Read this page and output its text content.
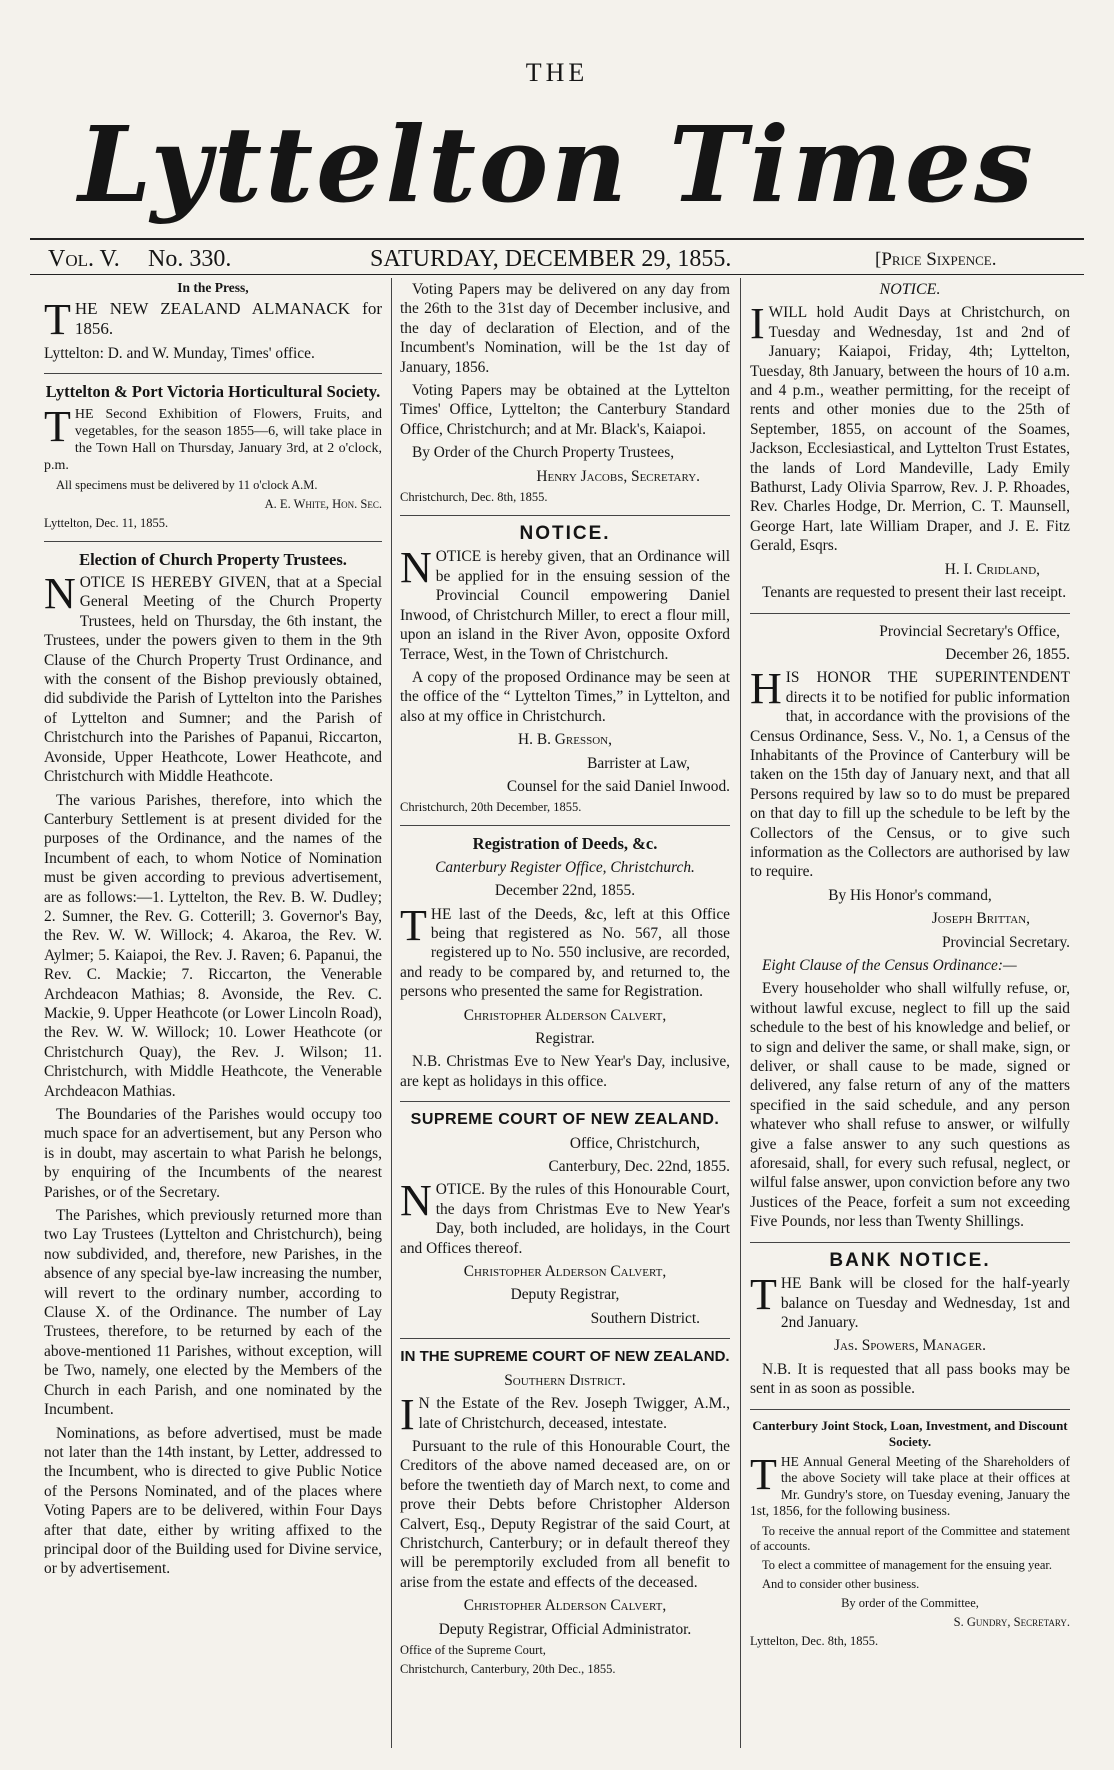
THE
Lyttelton Times
Vol. V. No. 330.	SATURDAY, DECEMBER 29, 1855.	[Price Sixpence.

In the Press,

THE NEW ZEALAND ALMANACK for 1856.

Lyttelton: D. and W. Munday, Times' office.

Lyttelton & Port Victoria Horticultural Society.

THE Second Exhibition of Flowers, Fruits, and vegetables, for the season 1855—6, will take place in the Town Hall on Thursday, January 3rd, at 2 o'clock, p.m.

All specimens must be delivered by 11 o'clock A.M.

A. E. White, Hon. Sec.

Lyttelton, Dec. 11, 1855.

Election of Church Property Trustees.

NOTICE IS HEREBY GIVEN, that at a Special General Meeting of the Church Property Trustees, held on Thursday, the 6th instant, the Trustees, under the powers given to them in the 9th Clause of the Church Property Trust Ordinance, and with the consent of the Bishop previously obtained, did subdivide the Parish of Lyttelton into the Parishes of Lyttelton and Sumner; and the Parish of Christchurch into the Parishes of Papanui, Riccarton, Avonside, Upper Heathcote, Lower Heathcote, and Christchurch with Middle Heathcote.

The various Parishes, therefore, into which the Canterbury Settlement is at present divided for the purposes of the Ordinance, and the names of the Incumbent of each, to whom Notice of Nomination must be given according to previous advertisement, are as follows:—1. Lyttelton, the Rev. B. W. Dudley; 2. Sumner, the Rev. G. Cotterill; 3. Governor's Bay, the Rev. W. W. Willock; 4. Akaroa, the Rev. W. Aylmer; 5. Kaiapoi, the Rev. J. Raven; 6. Papanui, the Rev. C. Mackie; 7. Riccarton, the Venerable Archdeacon Mathias; 8. Avonside, the Rev. C. Mackie, 9. Upper Heathcote (or Lower Lincoln Road), the Rev. W. W. Willock; 10. Lower Heathcote (or Christchurch Quay), the Rev. J. Wilson; 11. Christchurch, with Middle Heathcote, the Venerable Archdeacon Mathias.

The Boundaries of the Parishes would occupy too much space for an advertisement, but any Person who is in doubt, may ascertain to what Parish he belongs, by enquiring of the Incumbents of the nearest Parishes, or of the Secretary.

The Parishes, which previously returned more than two Lay Trustees (Lyttelton and Christchurch), being now subdivided, and, therefore, new Parishes, in the absence of any special bye-law increasing the number, will revert to the ordinary number, according to Clause X. of the Ordinance. The number of Lay Trustees, therefore, to be returned by each of the above-mentioned 11 Parishes, without exception, will be Two, namely, one elected by the Members of the Church in each Parish, and one nominated by the Incumbent.

Nominations, as before advertised, must be made not later than the 14th instant, by Letter, addressed to the Incumbent, who is directed to give Public Notice of the Persons Nominated, and of the places where Voting Papers are to be delivered, within Four Days after that date, either by writing affixed to the principal door of the Building used for Divine service, or by advertisement.

Voting Papers may be delivered on any day from the 26th to the 31st day of December inclusive, and the day of declaration of Election, and of the Incumbent's Nomination, will be the 1st day of January, 1856.

Voting Papers may be obtained at the Lyttelton Times' Office, Lyttelton; the Canterbury Standard Office, Christchurch; and at Mr. Black's, Kaiapoi.

By Order of the Church Property Trustees,

Henry Jacobs, Secretary.

Christchurch, Dec. 8th, 1855.

NOTICE.

NOTICE is hereby given, that an Ordinance will be applied for in the ensuing session of the Provincial Council empowering Daniel Inwood, of Christchurch Miller, to erect a flour mill, upon an island in the River Avon, opposite Oxford Terrace, West, in the Town of Christchurch.

A copy of the proposed Ordinance may be seen at the office of the “ Lyttelton Times,” in Lyttelton, and also at my office in Christchurch.

H. B. Gresson,

Barrister at Law,

Counsel for the said Daniel Inwood.

Christchurch, 20th December, 1855.

Registration of Deeds, &c.

Canterbury Register Office, Christchurch.

December 22nd, 1855.

THE last of the Deeds, &c, left at this Office being that registered as No. 567, all those registered up to No. 550 inclusive, are recorded, and ready to be compared by, and returned to, the persons who presented the same for Registration.

Christopher Alderson Calvert,

Registrar.

N.B. Christmas Eve to New Year's Day, inclusive, are kept as holidays in this office.

SUPREME COURT OF NEW ZEALAND.

Office, Christchurch,

Canterbury, Dec. 22nd, 1855.

NOTICE. By the rules of this Honourable Court, the days from Christmas Eve to New Year's Day, both included, are holidays, in the Court and Offices thereof.

Christopher Alderson Calvert,

Deputy Registrar,

Southern District.

IN THE SUPREME COURT OF NEW ZEALAND.

Southern District.

I N the Estate of the Rev. Joseph Twigger, A.M., late of Christchurch, deceased, intestate.

Pursuant to the rule of this Honourable Court, the Creditors of the above named deceased are, on or before the twentieth day of March next, to come and prove their Debts before Christopher Alderson Calvert, Esq., Deputy Registrar of the said Court, at Christchurch, Canterbury; or in default thereof they will be peremptorily excluded from all benefit to arise from the estate and effects of the deceased.

Christopher Alderson Calvert,

Deputy Registrar, Official Administrator.

Office of the Supreme Court,

Christchurch, Canterbury, 20th Dec., 1855.

NOTICE.

IWILL hold Audit Days at Christchurch, on Tuesday and Wednesday, 1st and 2nd of January; Kaiapoi, Friday, 4th; Lyttelton, Tuesday, 8th January, between the hours of 10 a.m. and 4 p.m., weather permitting, for the receipt of rents and other monies due to the 25th of September, 1855, on account of the Soames, Jackson, Ecclesiastical, and Lyttelton Trust Estates, the lands of Lord Mandeville, Lady Emily Bathurst, Lady Olivia Sparrow, Rev. J. P. Rhoades, Rev. Charles Hodge, Dr. Merrion, C. T. Maunsell, George Hart, late William Draper, and J. E. Fitz Gerald, Esqrs.

H. I. Cridland,

Tenants are requested to present their last receipt.

Provincial Secretary's Office,

December 26, 1855.

HIS HONOR THE SUPERINTENDENT directs it to be notified for public information that, in accordance with the provisions of the Census Ordinance, Sess. V., No. 1, a Census of the Inhabitants of the Province of Canterbury will be taken on the 15th day of January next, and that all Persons required by law so to do must be prepared on that day to fill up the schedule to be left by the Collectors of the Census, or to give such information as the Collectors are authorised by law to require.

By His Honor's command,

Joseph Brittan,

Provincial Secretary.

Eight Clause of the Census Ordinance:—

Every householder who shall wilfully refuse, or, without lawful excuse, neglect to fill up the said schedule to the best of his knowledge and belief, or to sign and deliver the same, or shall make, sign, or deliver, or shall cause to be made, signed or delivered, any false return of any of the matters specified in the said schedule, and any person whatever who shall refuse to answer, or wilfully give a false answer to any such questions as aforesaid, shall, for every such refusal, neglect, or wilful false answer, upon conviction before any two Justices of the Peace, forfeit a sum not exceeding Five Pounds, nor less than Twenty Shillings.

BANK NOTICE.

THE Bank will be closed for the half-yearly balance on Tuesday and Wednesday, 1st and 2nd January.

Jas. Spowers, Manager.

N.B. It is requested that all pass books may be sent in as soon as possible.

Canterbury Joint Stock, Loan, Investment, and Discount Society.

THE Annual General Meeting of the Shareholders of the above Society will take place at their offices at Mr. Gundry's store, on Tuesday evening, January the 1st, 1856, for the following business.

To receive the annual report of the Committee and statement of accounts.

To elect a committee of management for the ensuing year.

And to consider other business.

By order of the Committee,

S. Gundry, Secretary.

Lyttelton, Dec. 8th, 1855.
